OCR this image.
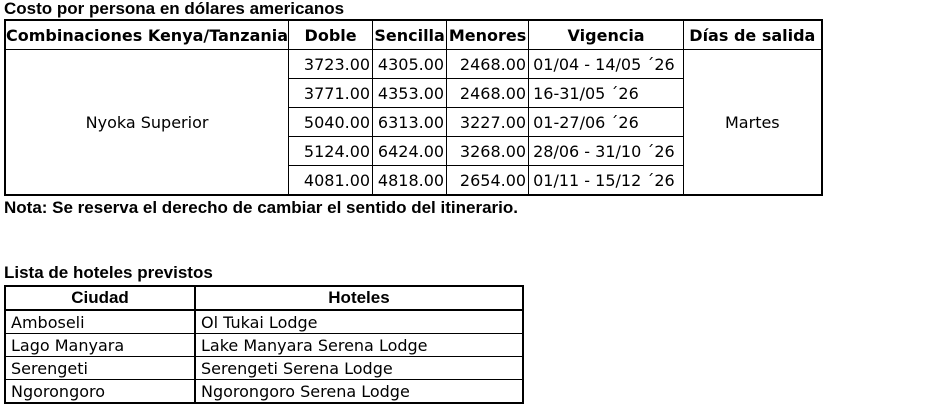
Costo por persona en dólares americanos
Combinaciones Kenya/Tanzania	Doble	Sencilla	Menores	Vigencia	Días de salida
Nyoka Superior	3723.00	4305.00	2468.00	01/04 - 14/05 ´26	Martes
	3771.00	4353.00	2468.00	16-31/05 ´26	
	5040.00	6313.00	3227.00	01-27/06 ´26	
	5124.00	6424.00	3268.00	28/06 - 31/10 ´26	
	4081.00	4818.00	2654.00	01/11 - 15/12 ´26	
Nota: Se reserva el derecho de cambiar el sentido del itinerario.
Lista de hoteles previstos
Ciudad	Hoteles
Amboseli	Ol Tukai Lodge
Lago Manyara	Lake Manyara Serena Lodge
Serengeti	Serengeti Serena Lodge
Ngorongoro	Ngorongoro Serena Lodge
